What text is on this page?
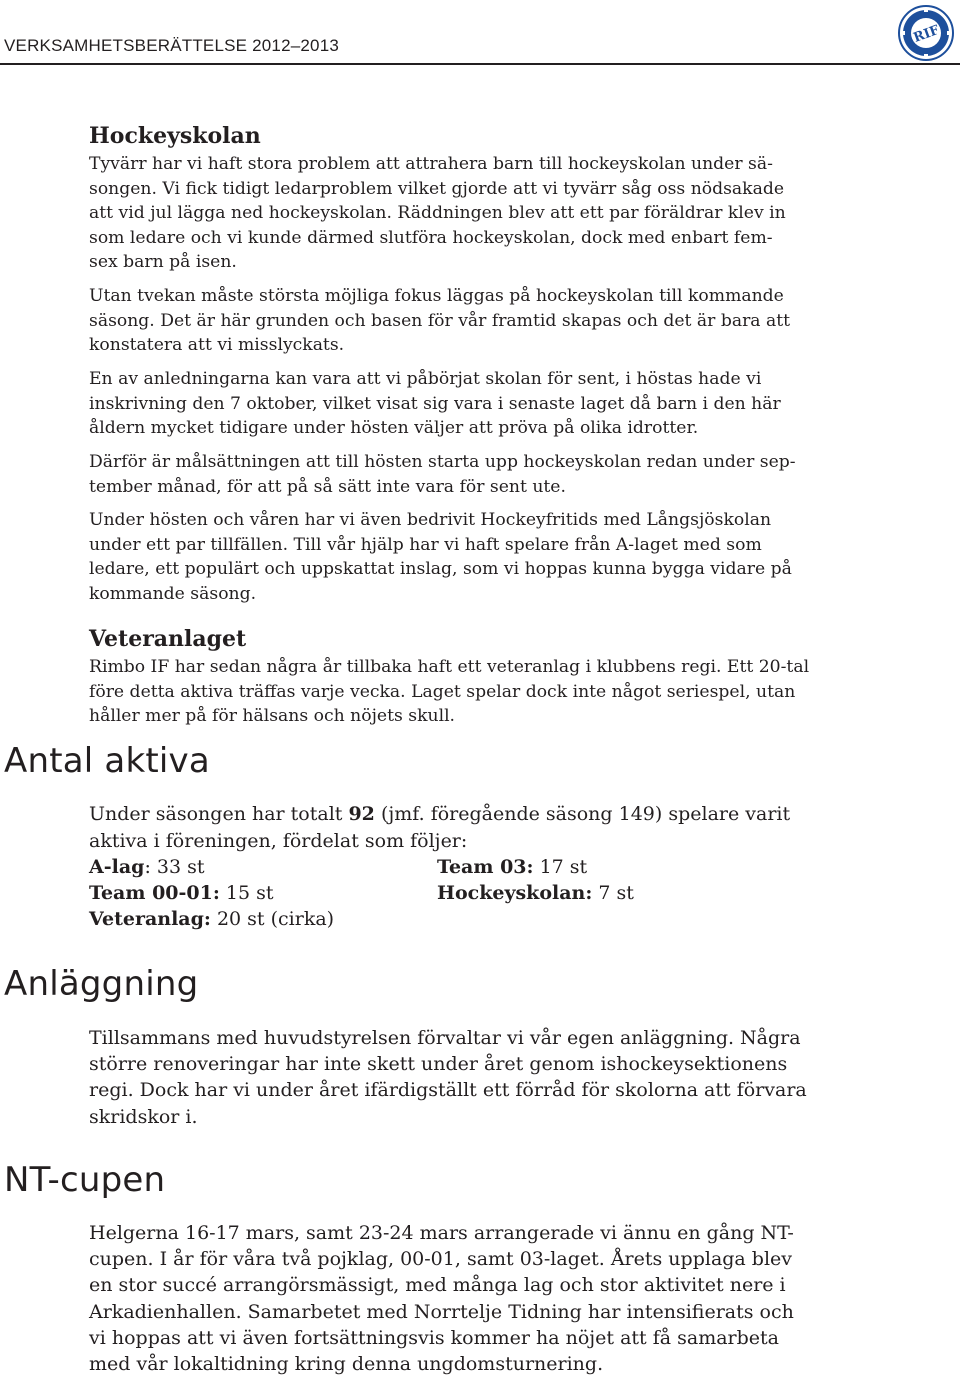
VERKSAMHETSBERÄTTELSE 2012–2013	RIF
Hockeyskolan

Tyvärr har vi haft stora problem att attrahera barn till hockeyskolan under sä-
songen. Vi fick tidigt ledarproblem vilket gjorde att vi tyvärr såg oss nödsakade
att vid jul lägga ned hockeyskolan. Räddningen blev att ett par föräldrar klev in
som ledare och vi kunde därmed slutföra hockeyskolan, dock med enbart fem-
sex barn på isen.

Utan tvekan måste största möjliga fokus läggas på hockeyskolan till kommande
säsong. Det är här grunden och basen för vår framtid skapas och det är bara att
konstatera att vi misslyckats.

En av anledningarna kan vara att vi påbörjat skolan för sent, i höstas hade vi
inskrivning den 7 oktober, vilket visat sig vara i senaste laget då barn i den här
åldern mycket tidigare under hösten väljer att pröva på olika idrotter.

Därför är målsättningen att till hösten starta upp hockeyskolan redan under sep-
tember månad, för att på så sätt inte vara för sent ute.

Under hösten och våren har vi även bedrivit Hockeyfritids med Långsjöskolan
under ett par tillfällen. Till vår hjälp har vi haft spelare från A-laget med som
ledare, ett populärt och uppskattat inslag, som vi hoppas kunna bygga vidare på
kommande säsong.

Veteranlaget

Rimbo IF har sedan några år tillbaka haft ett veteranlag i klubbens regi. Ett 20-tal
före detta aktiva träffas varje vecka. Laget spelar dock inte något seriespel, utan
håller mer på för hälsans och nöjets skull.

Antal aktiva
Under säsongen har totalt 92 (jmf. föregående säsong 149) spelare varit
aktiva i föreningen, fördelat som följer:
A-lag: 33 st	Team 03: 17 st
Team 00-01: 15 st	Hockeyskolan: 7 st
Veteranlag: 20 st (cirka)
Anläggning

Tillsammans med huvudstyrelsen förvaltar vi vår egen anläggning. Några
större renoveringar har inte skett under året genom ishockeysektionens
regi. Dock har vi under året ifärdigställt ett förråd för skolorna att förvara
skridskor i.

NT-cupen

Helgerna 16-17 mars, samt 23-24 mars arrangerade vi ännu en gång NT-
cupen. I år för våra två pojklag, 00-01, samt 03-laget. Årets upplaga blev
en stor succé arrangörsmässigt, med många lag och stor aktivitet nere i
Arkadienhallen. Samarbetet med Norrtelje Tidning har intensifierats och
vi hoppas att vi även fortsättningsvis kommer ha nöjet att få samarbeta
med vår lokaltidning kring denna ungdomsturnering.
